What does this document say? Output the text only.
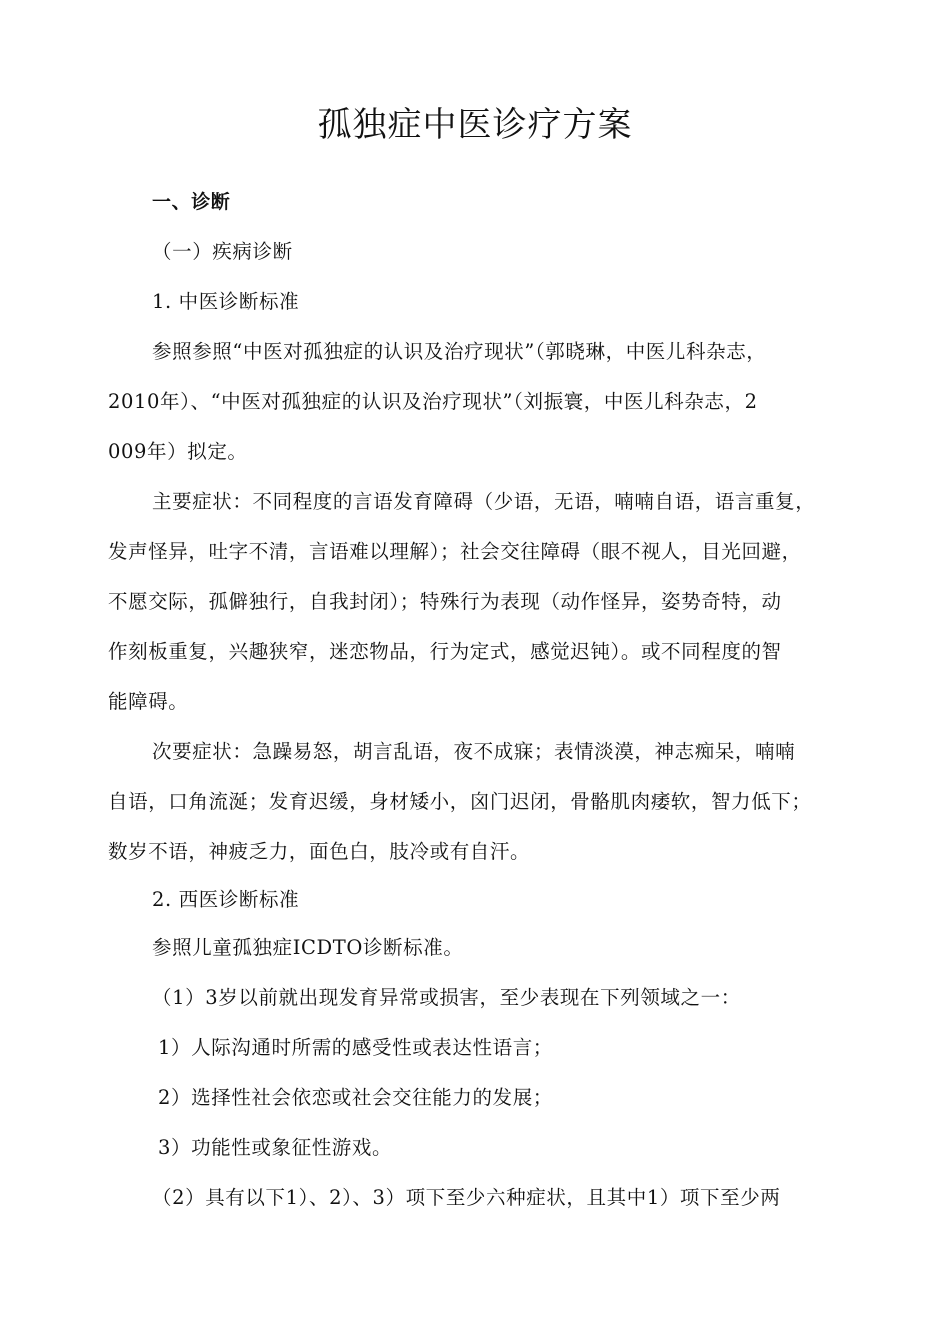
孤独症中医诊疗方案
一、诊断
（一）疾病诊断
1. 中医诊断标准
参照参照“中医对孤独症的认识及治疗现状”（郭晓琳，中医儿科杂志，
2010年）、“中医对孤独症的认识及治疗现状”（刘振寰，中医儿科杂志，2
009年）拟定。
主要症状：不同程度的言语发育障碍（少语，无语，喃喃自语，语言重复，
发声怪异，吐字不清，言语难以理解）；社会交往障碍（眼不视人，目光回避，
不愿交际，孤僻独行，自我封闭）；特殊行为表现（动作怪异，姿势奇特，动
作刻板重复，兴趣狭窄，迷恋物品，行为定式，感觉迟钝）。或不同程度的智
能障碍。
次要症状：急躁易怒，胡言乱语，夜不成寐；表情淡漠，神志痴呆，喃喃
自语，口角流涎；发育迟缓，身材矮小，囟门迟闭，骨骼肌肉痿软，智力低下；
数岁不语，神疲乏力，面色白，肢冷或有自汗。
2. 西医诊断标准
参照儿童孤独症ICDTO诊断标准。
（1）3岁以前就出现发育异常或损害，至少表现在下列领域之一：
1）人际沟通时所需的感受性或表达性语言；
2）选择性社会依恋或社会交往能力的发展；
3）功能性或象征性游戏。
（2）具有以下1）、2）、3）项下至少六种症状，且其中1）项下至少两
